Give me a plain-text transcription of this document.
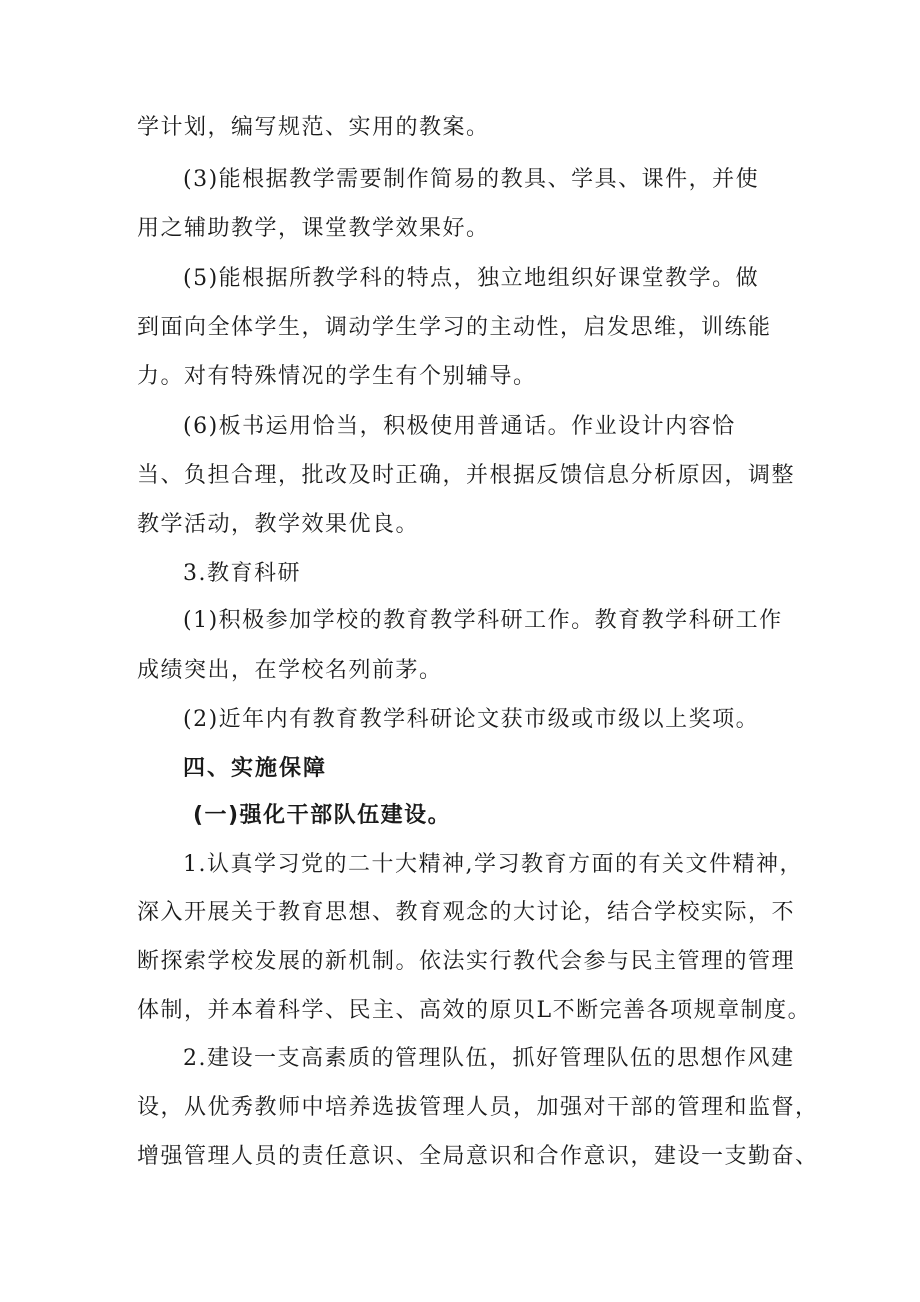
学计划，编写规范、实用的教案。
(3)能根据教学需要制作简易的教具、学具、课件，并使
用之辅助教学，课堂教学效果好。
(5)能根据所教学科的特点，独立地组织好课堂教学。做
到面向全体学生，调动学生学习的主动性，启发思维，训练能
力。对有特殊情况的学生有个别辅导。
(6)板书运用恰当，积极使用普通话。作业设计内容恰
当、负担合理，批改及时正确，并根据反馈信息分析原因，调整
教学活动，教学效果优良。
3.教育科研
(1)积极参加学校的教育教学科研工作。教育教学科研工作
成绩突出，在学校名列前茅。
(2)近年内有教育教学科研论文获市级或市级以上奖项。
四、实施保障
(一)强化干部队伍建设。
1.认真学习党的二十大精神,学习教育方面的有关文件精神，
深入开展关于教育思想、教育观念的大讨论，结合学校实际，不
断探索学校发展的新机制。依法实行教代会参与民主管理的管理
体制，并本着科学、民主、高效的原贝L不断完善各项规章制度。
2.建设一支高素质的管理队伍，抓好管理队伍的思想作风建
设，从优秀教师中培养选拔管理人员，加强对干部的管理和监督，
增强管理人员的责任意识、全局意识和合作意识，建设一支勤奋、
